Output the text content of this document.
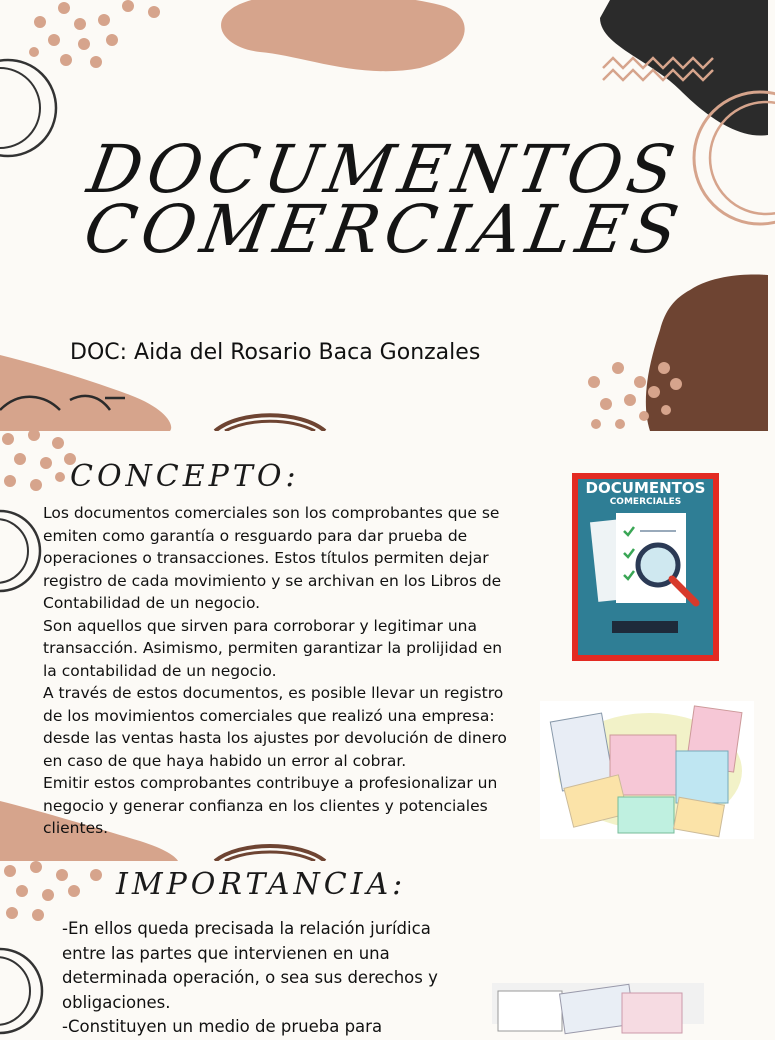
DOCUMENTOS
COMERCIALES
DOC: Aida del Rosario Baca Gonzales
CONCEPTO:

Los documentos comerciales son los comprobantes que se emiten como garantía o resguardo para dar prueba de operaciones o transacciones. Estos títulos permiten dejar registro de cada movimiento y se archivan en los Libros de Contabilidad de un negocio.

Son aquellos que sirven para corroborar y legitimar una transacción. Asimismo, permiten garantizar la prolijidad en la contabilidad de un negocio.

A través de estos documentos, es posible llevar un registro de los movimientos comerciales que realizó una empresa: desde las ventas hasta los ajustes por devolución de dinero en caso de que haya habido un error al cobrar.

Emitir estos comprobantes contribuye a profesionalizar un negocio y generar confianza en los clientes y potenciales clientes.

DOCUMENTOS
COMERCIALES
IMPORTANCIA:

-En ellos queda precisada la relación jurídica entre las partes que intervienen en una determinada operación, o sea sus derechos y obligaciones.

-Constituyen un medio de prueba para
